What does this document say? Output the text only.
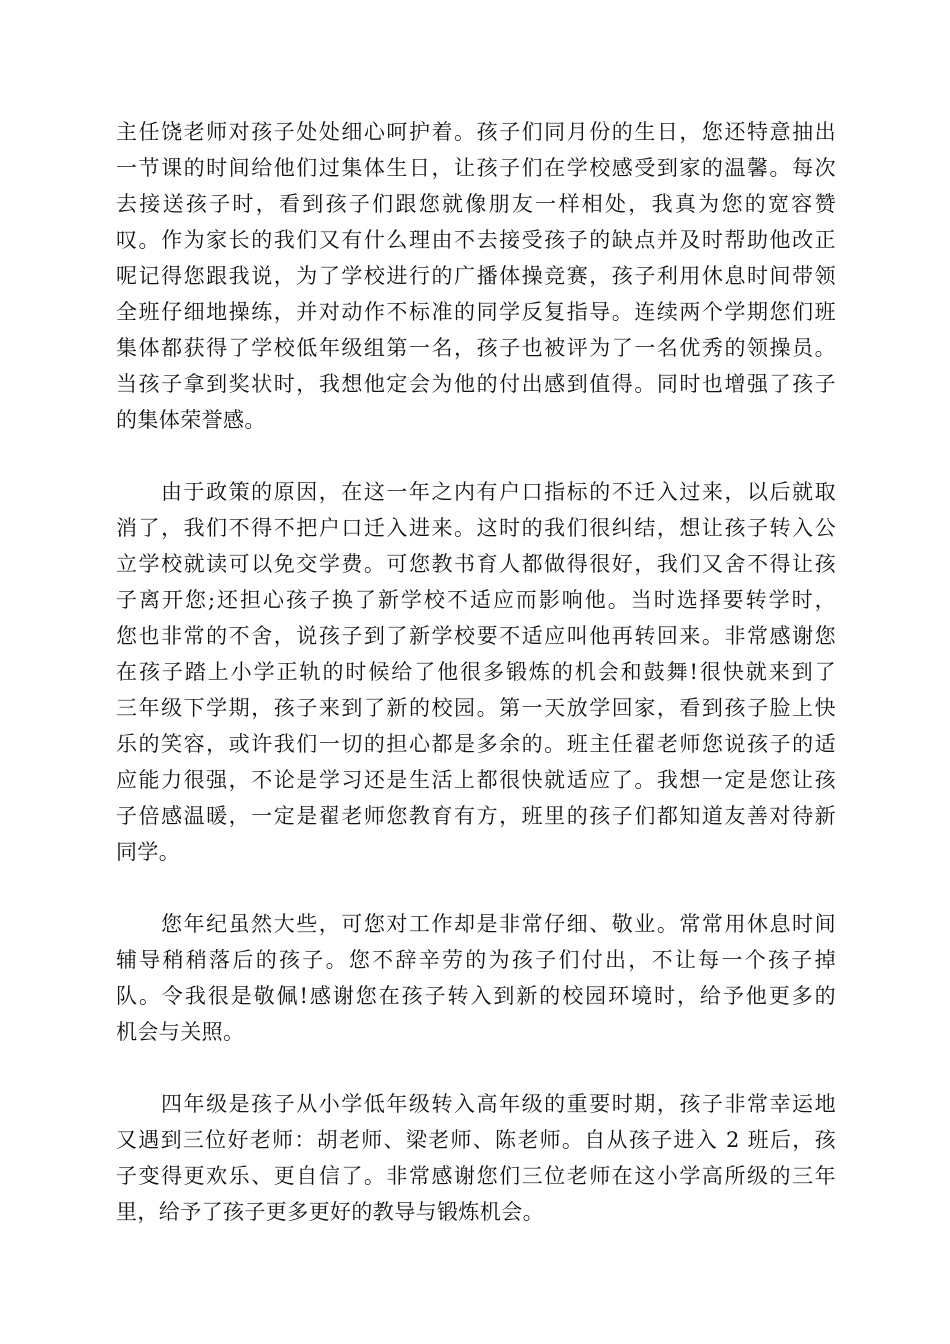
主任饶老师对孩子处处细心呵护着。孩子们同月份的生日，您还特意抽出
一节课的时间给他们过集体生日，让孩子们在学校感受到家的温馨。每次
去接送孩子时，看到孩子们跟您就像朋友一样相处，我真为您的宽容赞
叹。作为家长的我们又有什么理由不去接受孩子的缺点并及时帮助他改正
呢记得您跟我说，为了学校进行的广播体操竞赛，孩子利用休息时间带领
全班仔细地操练，并对动作不标准的同学反复指导。连续两个学期您们班
集体都获得了学校低年级组第一名，孩子也被评为了一名优秀的领操员。
当孩子拿到奖状时，我想他定会为他的付出感到值得。同时也增强了孩子
的集体荣誉感。
由于政策的原因，在这一年之内有户口指标的不迁入过来，以后就取
消了，我们不得不把户口迁入进来。这时的我们很纠结，想让孩子转入公
立学校就读可以免交学费。可您教书育人都做得很好，我们又舍不得让孩
子离开您;还担心孩子换了新学校不适应而影响他。当时选择要转学时，
您也非常的不舍，说孩子到了新学校要不适应叫他再转回来。非常感谢您
在孩子踏上小学正轨的时候给了他很多锻炼的机会和鼓舞!很快就来到了
三年级下学期，孩子来到了新的校园。第一天放学回家，看到孩子脸上快
乐的笑容，或许我们一切的担心都是多余的。班主任翟老师您说孩子的适
应能力很强，不论是学习还是生活上都很快就适应了。我想一定是您让孩
子倍感温暖，一定是翟老师您教育有方，班里的孩子们都知道友善对待新
同学。
您年纪虽然大些，可您对工作却是非常仔细、敬业。常常用休息时间
辅导稍稍落后的孩子。您不辞辛劳的为孩子们付出，不让每一个孩子掉
队。令我很是敬佩!感谢您在孩子转入到新的校园环境时，给予他更多的
机会与关照。
四年级是孩子从小学低年级转入高年级的重要时期，孩子非常幸运地
又遇到三位好老师：胡老师、梁老师、陈老师。自从孩子进入 2 班后，孩
子变得更欢乐、更自信了。非常感谢您们三位老师在这小学高所级的三年
里，给予了孩子更多更好的教导与锻炼机会。
